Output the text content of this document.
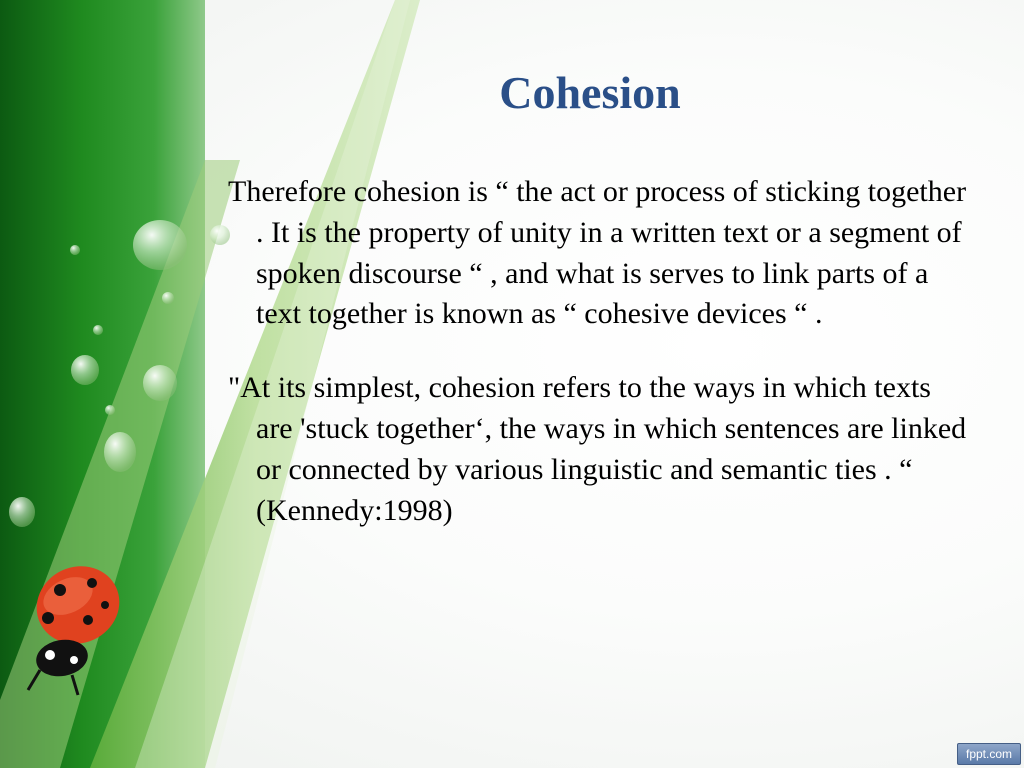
Cohesion

Therefore cohesion is “ the act or process of sticking together . It is the property of unity in a written text or a segment of spoken discourse “ , and what is serves to link parts of a text together is known as “ cohesive devices “ .

"At its simplest, cohesion refers to the ways in which texts are 'stuck together‘, the ways in which sentences are linked or connected by various linguistic and semantic ties . “ (Kennedy:1998)

fppt.com
